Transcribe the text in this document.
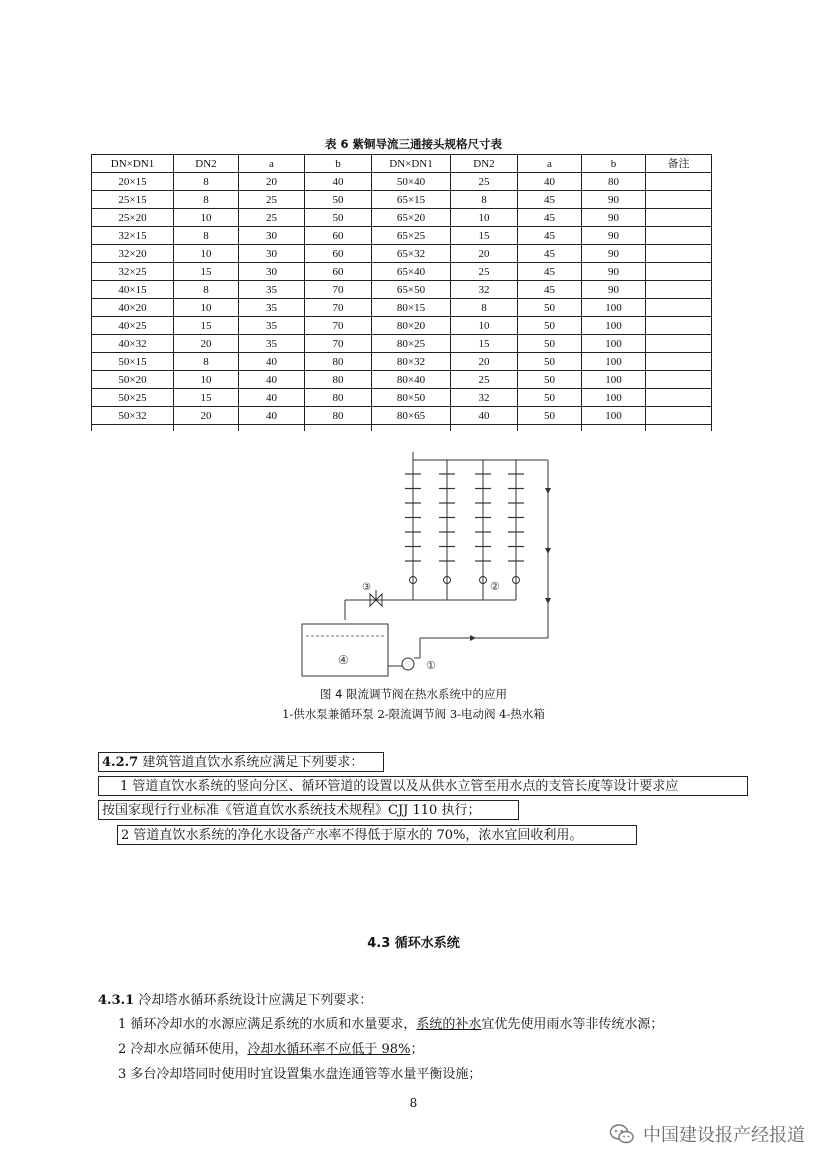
表 6 紫铜导流三通接头规格尺寸表
DN×DN1	DN2	a	b	DN×DN1	DN2	a	b	备注
20×15	8	20	40	50×40	25	40	80	
25×15	8	25	50	65×15	8	45	90	
25×20	10	25	50	65×20	10	45	90	
32×15	8	30	60	65×25	15	45	90	
32×20	10	30	60	65×32	20	45	90	
32×25	15	30	60	65×40	25	45	90	
40×15	8	35	70	65×50	32	45	90	
40×20	10	35	70	80×15	8	50	100	
40×25	15	35	70	80×20	10	50	100	
40×32	20	35	70	80×25	15	50	100	
50×15	8	40	80	80×32	20	50	100	
50×20	10	40	80	80×40	25	50	100	
50×25	15	40	80	80×50	32	50	100	
50×32	20	40	80	80×65	40	50	100	

③	②
④	①
图 4 限流调节阀在热水系统中的应用
1-供水泵兼循环泵 2-限流调节阀 3-电动阀 4-热水箱
4.2.7 建筑管道直饮水系统应满足下列要求：
1 管道直饮水系统的竖向分区、循环管道的设置以及从供水立管至用水点的支管长度等设计要求应
按国家现行行业标准《管道直饮水系统技术规程》CJJ 110 执行；
2 管道直饮水系统的净化水设备产水率不得低于原水的 70%，浓水宜回收利用。
4.3 循环水系统
4.3.1 冷却塔水循环系统设计应满足下列要求：
1 循环冷却水的水源应满足系统的水质和水量要求，系统的补水宜优先使用雨水等非传统水源；
2 冷却水应循环使用，冷却水循环率不应低于 98%；
3 多台冷却塔同时使用时宜设置集水盘连通管等水量平衡设施；
8
中国建设报产经报道
